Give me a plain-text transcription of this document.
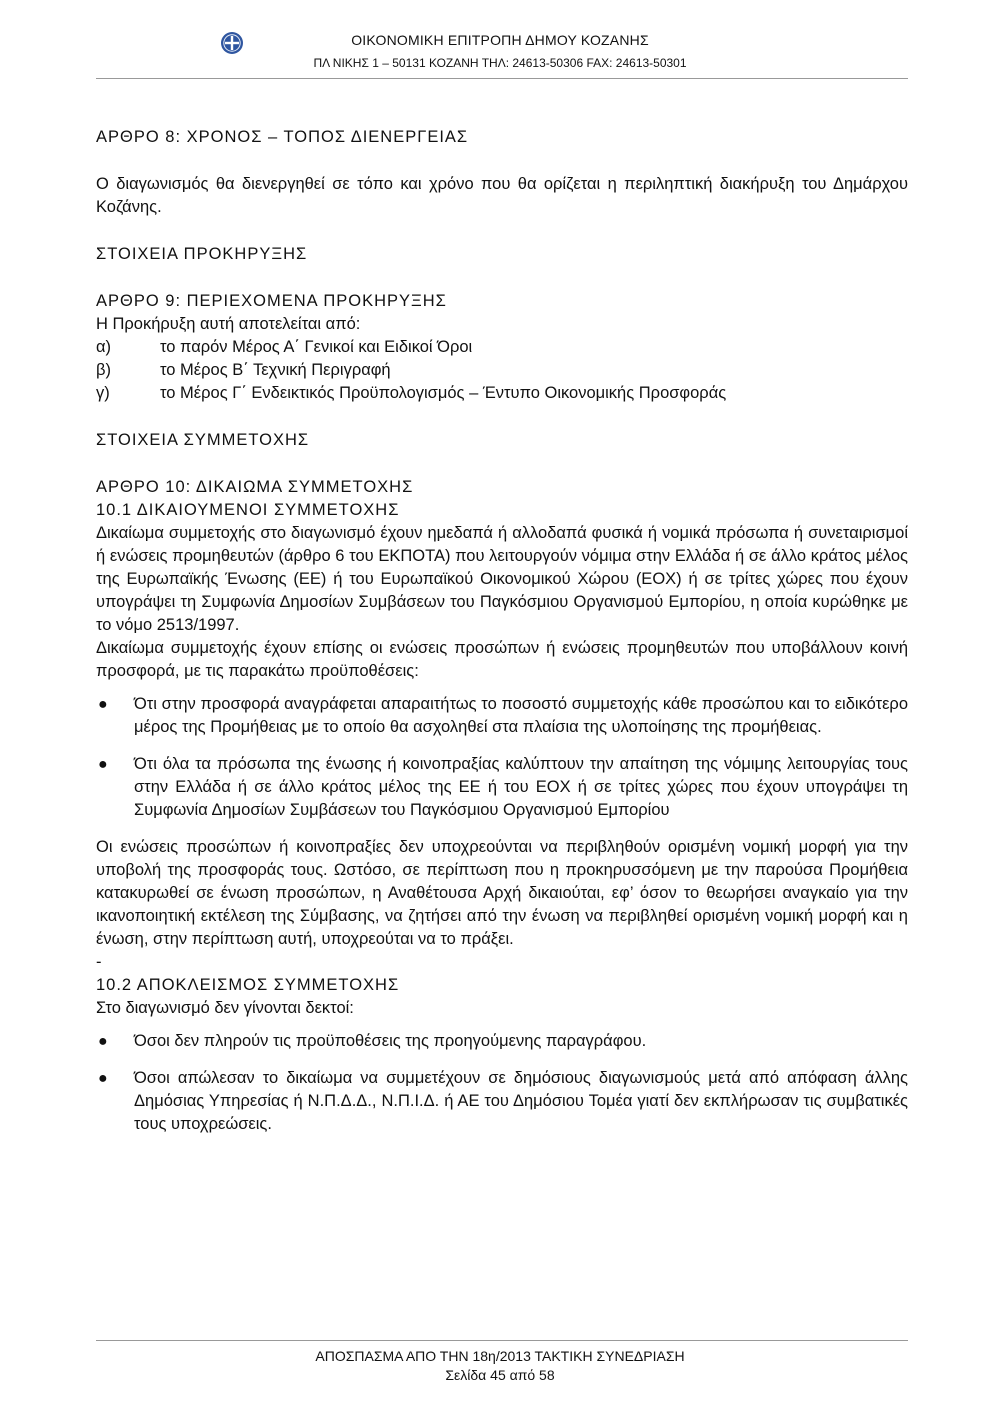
ΟΙΚΟΝΟΜΙΚΗ ΕΠΙΤΡΟΠΗ ΔΗΜΟΥ ΚΟΖΑΝΗΣ
ΠΛ ΝΙΚΗΣ 1 – 50131 ΚΟΖΑΝΗ ΤΗΛ: 24613-50306 FAX: 24613-50301

ΑΡΘΡΟ 8: ΧΡΟΝΟΣ – ΤΟΠΟΣ ΔΙΕΝΕΡΓΕΙΑΣ

Ο διαγωνισμός θα διενεργηθεί σε τόπο και χρόνο που θα ορίζεται η περιληπτική διακήρυξη του Δημάρχου Κοζάνης.

ΣΤΟΙΧΕΙΑ ΠΡΟΚΗΡΥΞΗΣ

ΑΡΘΡΟ 9: ΠΕΡΙΕΧΟΜΕΝΑ ΠΡΟΚΗΡΥΞΗΣ

Η Προκήρυξη αυτή αποτελείται από:

α)	το παρόν Μέρος Α΄ Γενικοί και Ειδικοί Όροι
β)	το Μέρος Β΄ Τεχνική Περιγραφή
γ)	το Μέρος Γ΄ Ενδεικτικός Προϋπολογισμός – Έντυπο Οικονομικής Προσφοράς

ΣΤΟΙΧΕΙΑ ΣΥΜΜΕΤΟΧΗΣ

ΑΡΘΡΟ 10: ΔΙΚΑΙΩΜΑ ΣΥΜΜΕΤΟΧΗΣ

10.1 ΔΙΚΑΙΟΥΜΕΝΟΙ ΣΥΜΜΕΤΟΧΗΣ

Δικαίωμα συμμετοχής στο διαγωνισμό έχουν ημεδαπά ή αλλοδαπά φυσικά ή νομικά πρόσωπα ή συνεταιρισμοί ή ενώσεις προμηθευτών (άρθρο 6 του ΕΚΠΟΤΑ) που λειτουργούν νόμιμα στην Ελλάδα ή σε άλλο κράτος μέλος της Ευρωπαϊκής Ένωσης (ΕΕ) ή του Ευρωπαϊκού Οικονομικού Χώρου (ΕΟΧ) ή σε τρίτες χώρες που έχουν υπογράψει τη Συμφωνία Δημοσίων Συμβάσεων του Παγκόσμιου Οργανισμού Εμπορίου, η οποία κυρώθηκε με το νόμο 2513/1997.

Δικαίωμα συμμετοχής έχουν επίσης οι ενώσεις προσώπων ή ενώσεις προμηθευτών που υποβάλλουν κοινή προσφορά, με τις παρακάτω προϋποθέσεις:

●	Ότι στην προσφορά αναγράφεται απαραιτήτως το ποσοστό συμμετοχής κάθε προσώπου και το ειδικότερο μέρος της Προμήθειας με το οποίο θα ασχοληθεί στα πλαίσια της υλοποίησης της προμήθειας.
●	Ότι όλα τα πρόσωπα της ένωσης ή κοινοπραξίας καλύπτουν την απαίτηση της νόμιμης λειτουργίας τους στην Ελλάδα ή σε άλλο κράτος μέλος της ΕΕ ή του ΕΟΧ ή σε τρίτες χώρες που έχουν υπογράψει τη Συμφωνία Δημοσίων Συμβάσεων του Παγκόσμιου Οργανισμού Εμπορίου

Οι ενώσεις προσώπων ή κοινοπραξίες δεν υποχρεούνται να περιβληθούν ορισμένη νομική μορφή για την υποβολή της προσφοράς τους. Ωστόσο, σε περίπτωση που η προκηρυσσόμενη με την παρούσα Προμήθεια κατακυρωθεί σε ένωση προσώπων, η Αναθέτουσα Αρχή δικαιούται, εφ’ όσον το θεωρήσει αναγκαίο για την ικανοποιητική εκτέλεση της Σύμβασης, να ζητήσει από την ένωση να περιβληθεί ορισμένη νομική μορφή και η ένωση, στην περίπτωση αυτή, υποχρεούται να το πράξει.

-

10.2 ΑΠΟΚΛΕΙΣΜΟΣ ΣΥΜΜΕΤΟΧΗΣ

Στο διαγωνισμό δεν γίνονται δεκτοί:

●	Όσοι δεν πληρούν τις προϋποθέσεις της προηγούμενης παραγράφου.
●	Όσοι απώλεσαν το δικαίωμα να συμμετέχουν σε δημόσιους διαγωνισμούς μετά από απόφαση άλλης Δημόσιας Υπηρεσίας ή Ν.Π.Δ.Δ., Ν.Π.Ι.Δ. ή ΑΕ του Δημόσιου Τομέα γιατί δεν εκπλήρωσαν τις συμβατικές τους υποχρεώσεις.
ΑΠΟΣΠΑΣΜΑ ΑΠΟ ΤΗΝ 18η/2013 ΤΑΚΤΙΚΗ ΣΥΝΕΔΡΙΑΣΗ
Σελίδα 45 από 58
